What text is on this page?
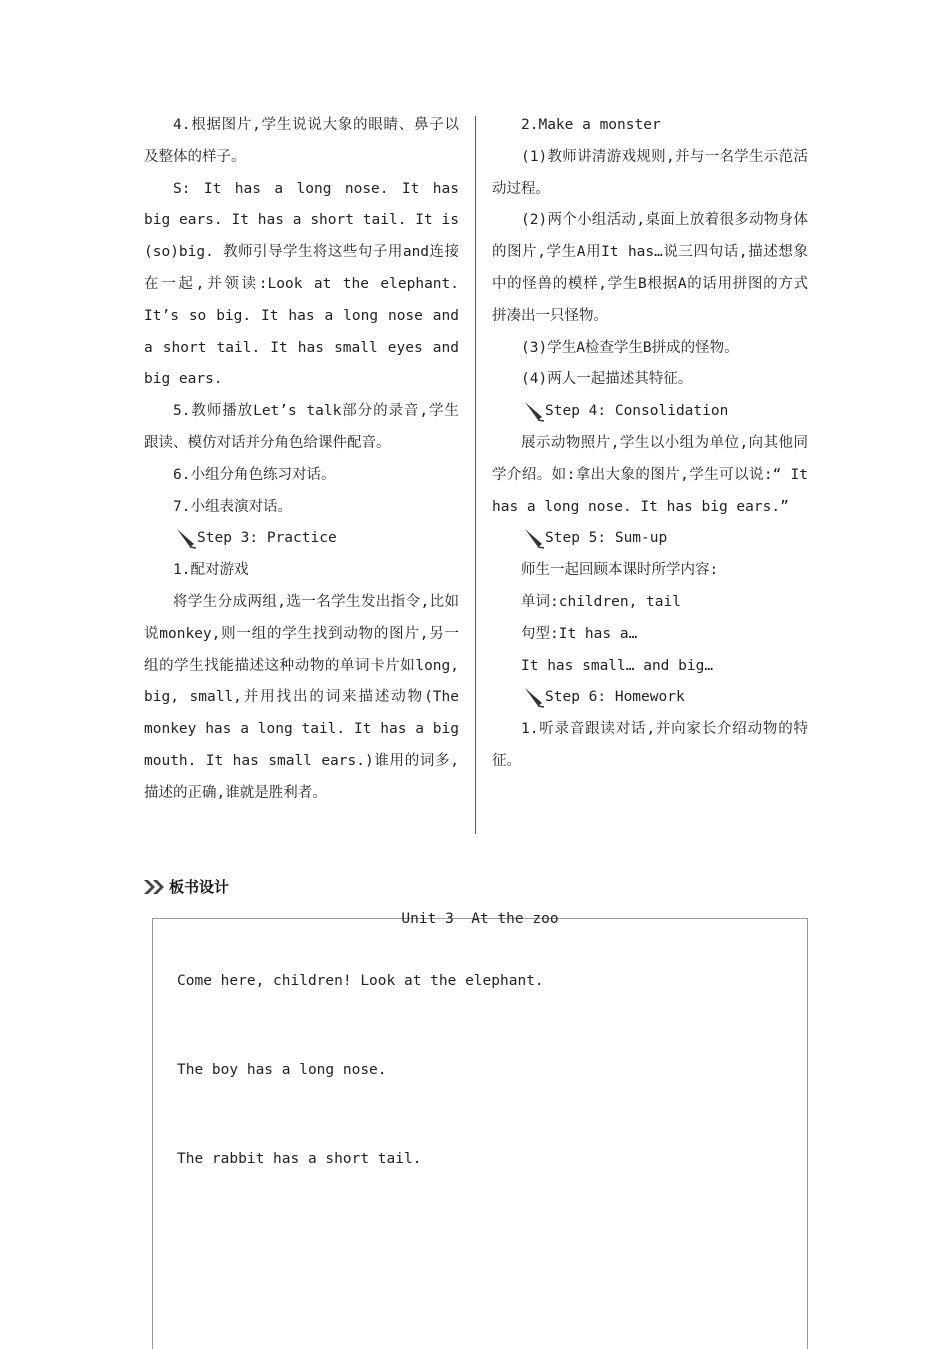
4.根据图片,学生说说大象的眼睛、鼻子以及整体的样子。

S: It has a long nose. It has big ears. It has a short tail. It is (so)big. 教师引导学生将这些句子用and连接在一起,并领读:Look at the elephant. It’s so big. It has a long nose and a short tail. It has small eyes and big ears.

5.教师播放Let’s talk部分的录音,学生跟读、模仿对话并分角色给课件配音。

6.小组分角色练习对话。

7.小组表演对话。

Step 3: Practice

1.配对游戏

将学生分成两组,选一名学生发出指令,比如说monkey,则一组的学生找到动物的图片,另一组的学生找能描述这种动物的单词卡片如long, big, small,并用找出的词来描述动物(The monkey has a long tail. It has a big mouth. It has small ears.)谁用的词多,描述的正确,谁就是胜利者。

2.Make a monster

(1)教师讲清游戏规则,并与一名学生示范活动过程。

(2)两个小组活动,桌面上放着很多动物身体的图片,学生A用It has…说三四句话,描述想象中的怪兽的模样,学生B根据A的话用拼图的方式拼凑出一只怪物。

(3)学生A检查学生B拼成的怪物。

(4)两人一起描述其特征。

Step 4: Consolidation

展示动物照片,学生以小组为单位,向其他同学介绍。如:拿出大象的图片,学生可以说:“ It has a long nose. It has big ears.”

Step 5: Sum-up

师生一起回顾本课时所学内容:

单词:children, tail

句型:It has a…

It has small… and big…

Step 6: Homework

1.听录音跟读对话,并向家长介绍动物的特征。

板书设计
Unit 3  At the zoo
Come here, children! Look at the elephant.
The boy has a long nose.
The rabbit has a short tail.
